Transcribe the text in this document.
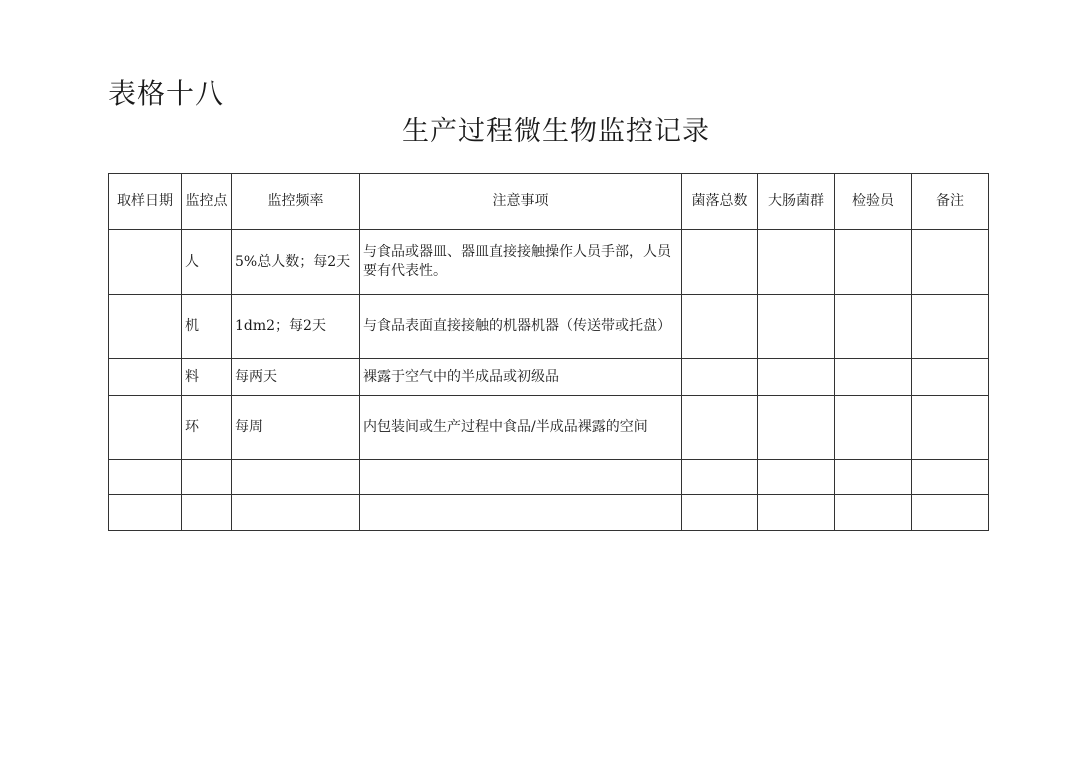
表格十八
生产过程微生物监控记录
取样日期	监控点	监控频率	注意事项	菌落总数	大肠菌群	检验员	备注
	人	5%总人数；每2天	与食品或器皿、器皿直接接触操作人员手部，人员要有代表性。				
	机	1dm2；每2天	与食品表面直接接触的机器机器（传送带或托盘）				
	料	每两天	裸露于空气中的半成品或初级品				
	环	每周	内包装间或生产过程中食品/半成品裸露的空间				
